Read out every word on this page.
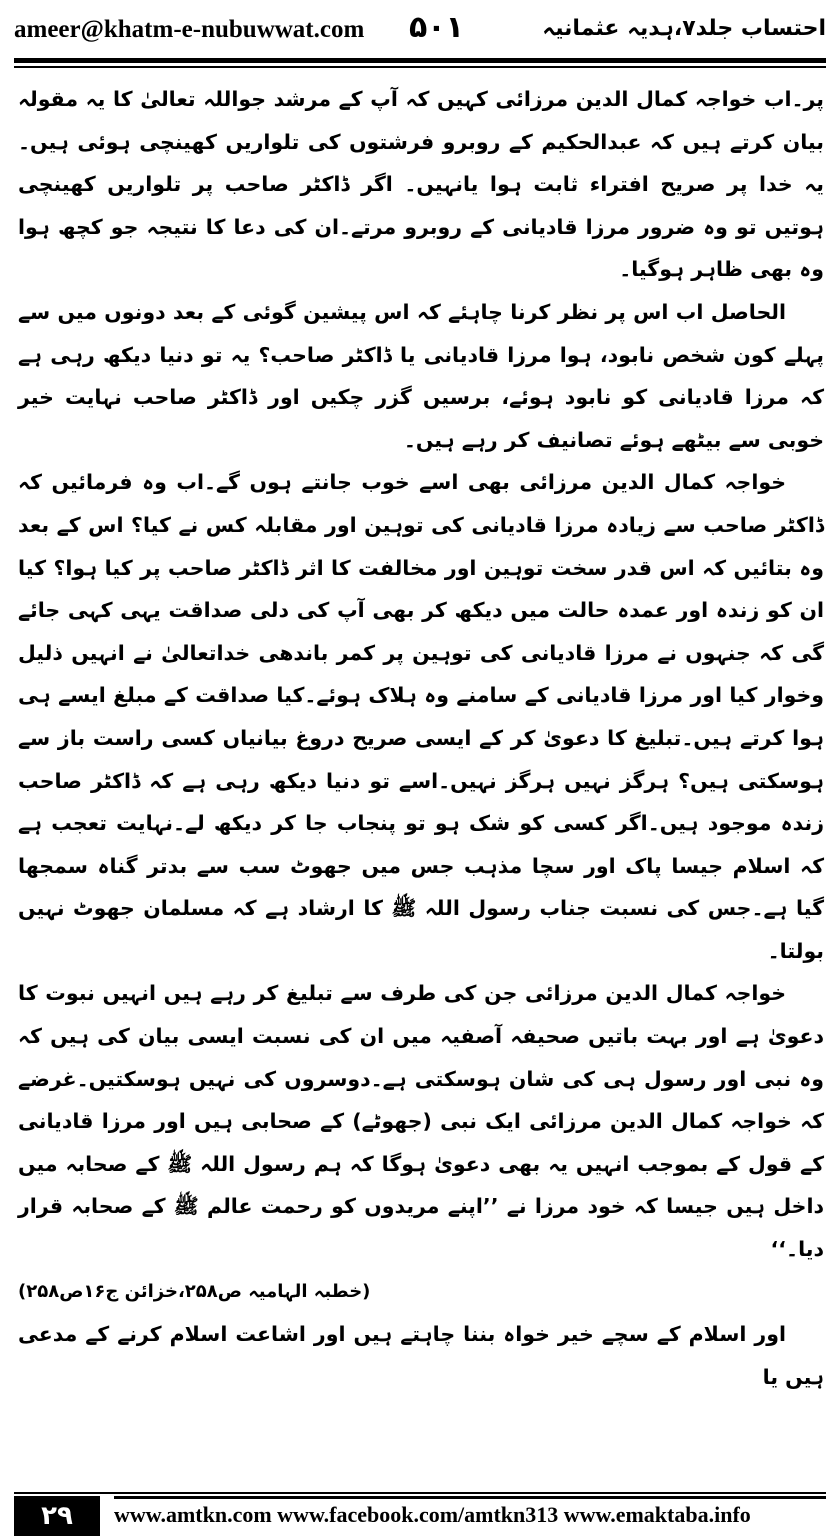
ameer@khatm-e-nubuwwat.com ۵۰۱	احتساب جلد۷،ہدیہ عثمانیہ

پر۔اب خواجہ کمال الدین مرزائی کہیں کہ آپ کے مرشد جواللہ تعالیٰ کا یہ مقولہ بیان کرتے ہیں کہ عبدالحکیم کے روبرو فرشتوں کی تلواریں کھینچی ہوئی ہیں۔ یہ خدا پر صریح افتراء ثابت ہوا یانہیں۔ اگر ڈاکٹر صاحب پر تلواریں کھینچی ہوتیں تو وہ ضرور مرزا قادیانی کے روبرو مرتے۔ان کی دعا کا نتیجہ جو کچھ ہوا وہ بھی ظاہر ہوگیا۔

الحاصل اب اس پر نظر کرنا چاہئے کہ اس پیشین گوئی کے بعد دونوں میں سے پہلے کون شخص نابود، ہوا مرزا قادیانی یا ڈاکٹر صاحب؟ یہ تو دنیا دیکھ رہی ہے کہ مرزا قادیانی کو نابود ہوئے، برسیں گزر چکیں اور ڈاکٹر صاحب نہایت خیر خوبی سے بیٹھے ہوئے تصانیف کر رہے ہیں۔

خواجہ کمال الدین مرزائی بھی اسے خوب جانتے ہوں گے۔اب وہ فرمائیں کہ ڈاکٹر صاحب سے زیادہ مرزا قادیانی کی توہین اور مقابلہ کس نے کیا؟ اس کے بعد وہ بتائیں کہ اس قدر سخت توہین اور مخالفت کا اثر ڈاکٹر صاحب پر کیا ہوا؟ کیا ان کو زندہ اور عمدہ حالت میں دیکھ کر بھی آپ کی دلی صداقت یہی کہی جائے گی کہ جنہوں نے مرزا قادیانی کی توہین پر کمر باندھی خداتعالیٰ نے انہیں ذلیل وخوار کیا اور مرزا قادیانی کے سامنے وہ ہلاک ہوئے۔کیا صداقت کے مبلغ ایسے ہی ہوا کرتے ہیں۔تبلیغ کا دعویٰ کر کے ایسی صریح دروغ بیانیاں کسی راست باز سے ہوسکتی ہیں؟ ہرگز نہیں ہرگز نہیں۔اسے تو دنیا دیکھ رہی ہے کہ ڈاکٹر صاحب زندہ موجود ہیں۔اگر کسی کو شک ہو تو پنجاب جا کر دیکھ لے۔نہایت تعجب ہے کہ اسلام جیسا پاک اور سچا مذہب جس میں جھوٹ سب سے بدتر گناہ سمجھا گیا ہے۔جس کی نسبت جناب رسول اللہ ﷺ کا ارشاد ہے کہ مسلمان جھوٹ نہیں بولتا۔

خواجہ کمال الدین مرزائی جن کی طرف سے تبلیغ کر رہے ہیں انہیں نبوت کا دعویٰ ہے اور بہت باتیں صحیفہ آصفیہ میں ان کی نسبت ایسی بیان کی ہیں کہ وہ نبی اور رسول ہی کی شان ہوسکتی ہے۔دوسروں کی نہیں ہوسکتیں۔غرضے کہ خواجہ کمال الدین مرزائی ایک نبی (جھوٹے) کے صحابی ہیں اور مرزا قادیانی کے قول کے بموجب انہیں یہ بھی دعویٰ ہوگا کہ ہم رسول اللہ ﷺ کے صحابہ میں داخل ہیں جیسا کہ خود مرزا نے ’’اپنے مریدوں کو رحمت عالم ﷺ کے صحابہ قرار دیا۔‘‘

(خطبہ الہامیہ ص۲۵۸،خزائن ج۱۶ص۲۵۸)

اور اسلام کے سچے خیر خواہ بننا چاہتے ہیں اور اشاعت اسلام کرنے کے مدعی ہیں یا

۲۹	www.amtkn.com www.facebook.com/amtkn313 www.emaktaba.info
